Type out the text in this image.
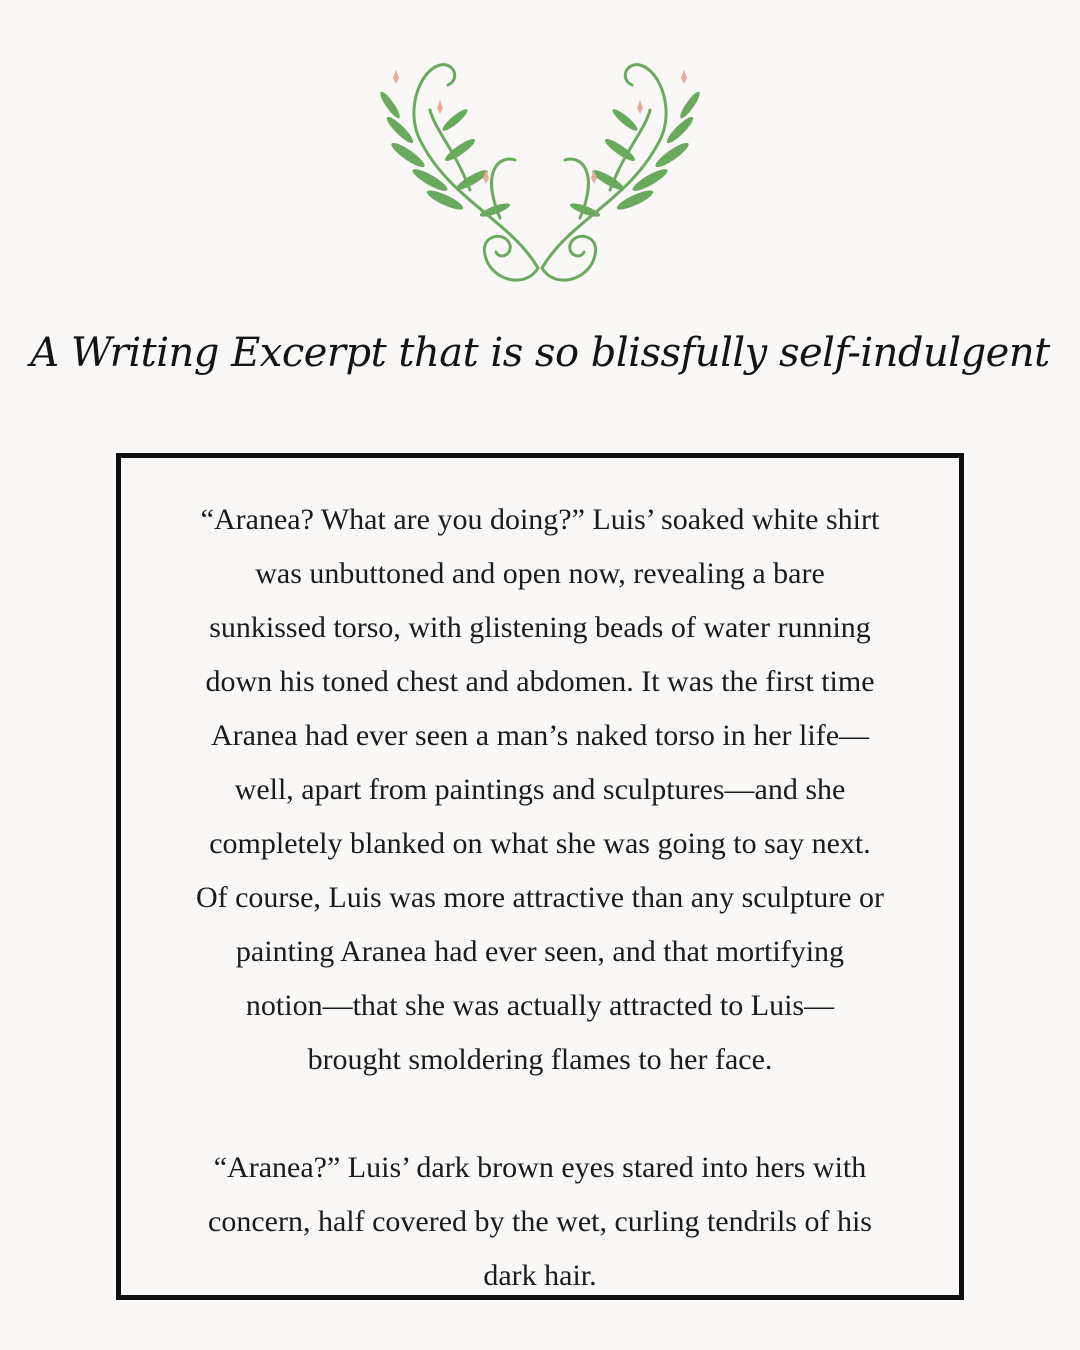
A Writing Excerpt that is so blissfully self-indulgent

“Aranea? What are you doing?” Luis’ soaked white shirt
was unbuttoned and open now, revealing a bare
sunkissed torso, with glistening beads of water running
down his toned chest and abdomen. It was the first time
Aranea had ever seen a man’s naked torso in her life—
well, apart from paintings and sculptures—and she
completely blanked on what she was going to say next.
Of course, Luis was more attractive than any sculpture or
painting Aranea had ever seen, and that mortifying
notion—that she was actually attracted to Luis—
brought smoldering flames to her face.

“Aranea?” Luis’ dark brown eyes stared into hers with
concern, half covered by the wet, curling tendrils of his
dark hair.
